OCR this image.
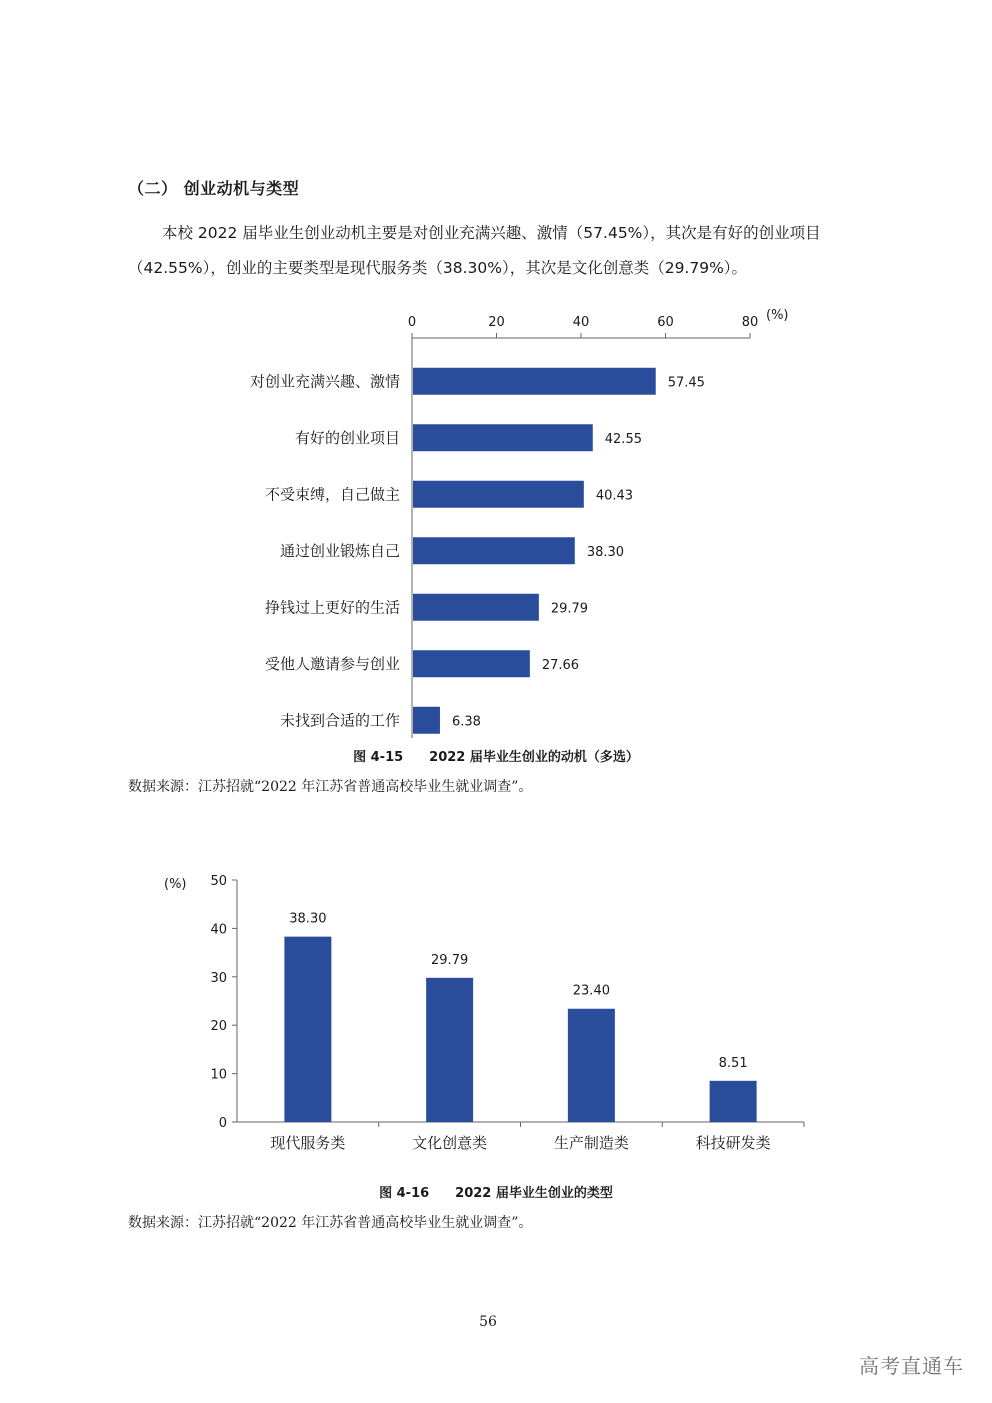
（二） 创业动机与类型
本校 2022 届毕业生创业动机主要是对创业充满兴趣、激情（57.45%），其次是有好的创业项目（42.55%），创业的主要类型是现代服务类（38.30%），其次是文化创意类（29.79%）。
0	20	40	60	80 (%)
对创业充满兴趣、激情	57.45
有好的创业项目	42.55
不受束缚，自己做主	40.43
通过创业锻炼自己	38.30
挣钱过上更好的生活	29.79
受他人邀请参与创业	27.66
未找到合适的工作	6.38
图 4-15　　2022 届毕业生创业的动机（多选）
数据来源：江苏招就“2022 年江苏省普通高校毕业生就业调查”。
0
10
20
30
40
50
(%)
38.30
现代服务类
29.79
文化创意类
23.40
生产制造类
8.51
科技研发类
图 4-16　　2022 届毕业生创业的类型
数据来源：江苏招就“2022 年江苏省普通高校毕业生就业调查”。
56
高考直通车
